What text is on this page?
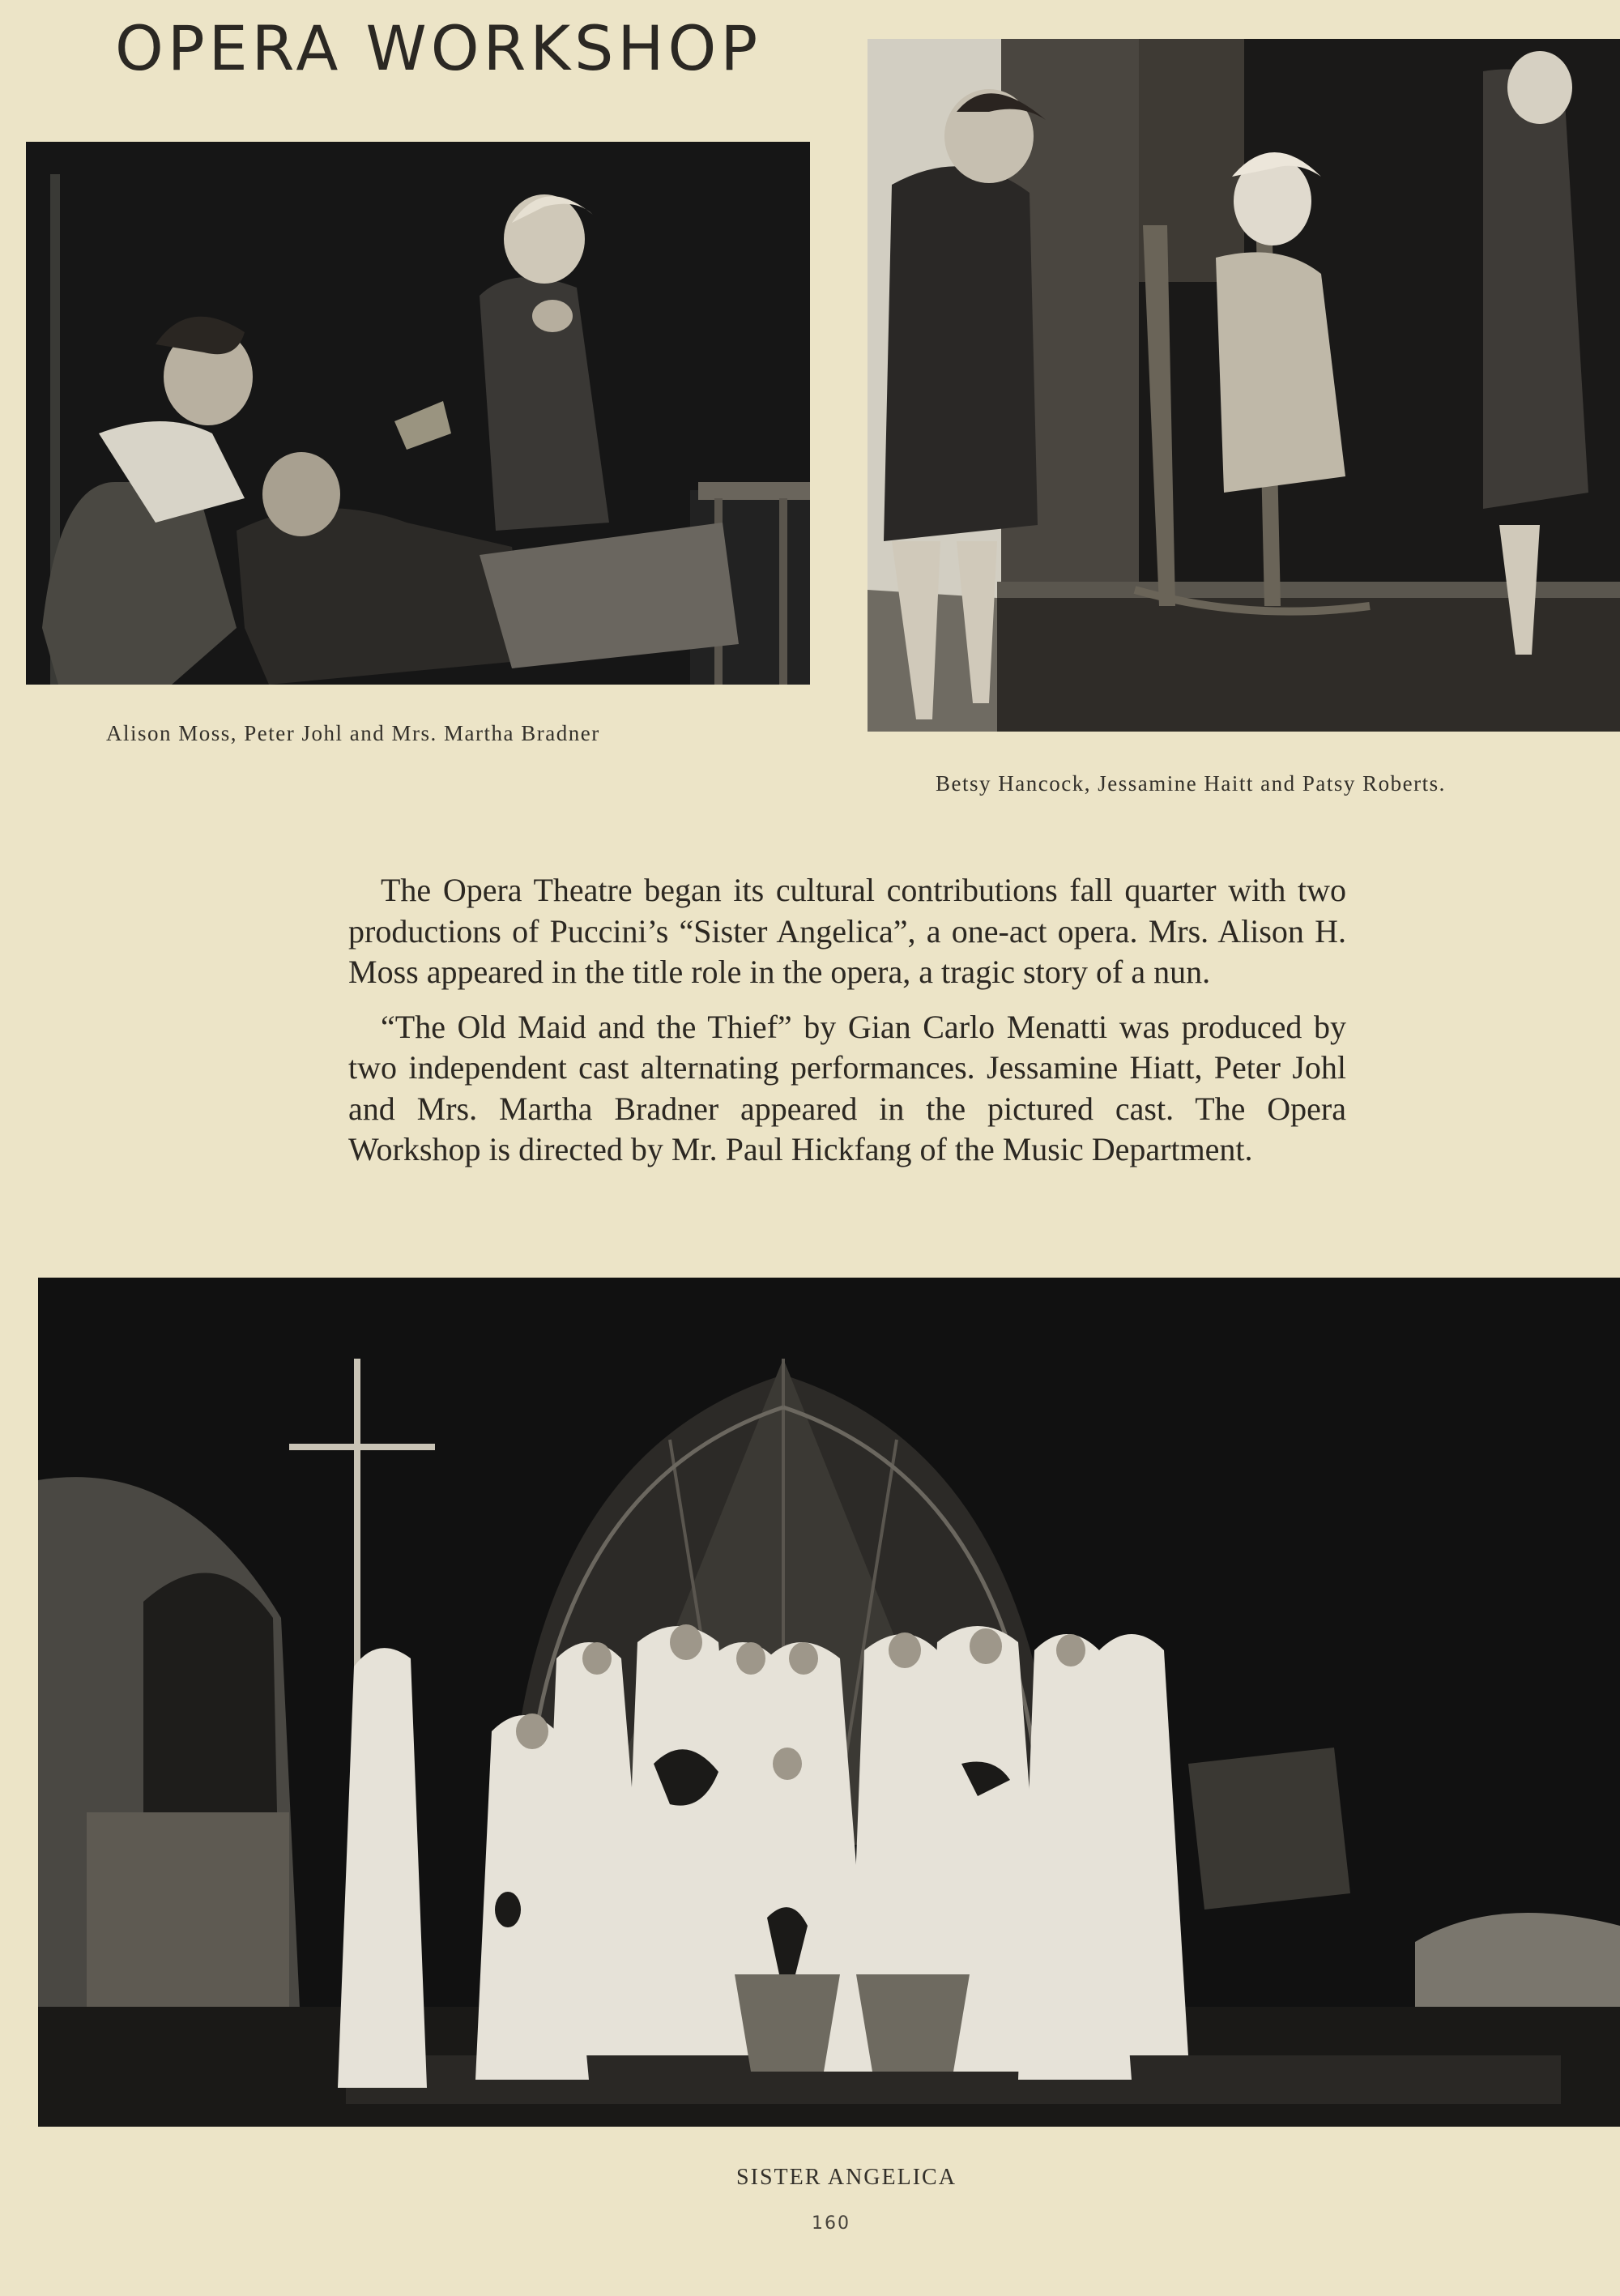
OPERA WORKSHOP
Alison Moss, Peter Johl and Mrs. Martha Bradner
Betsy Hancock, Jessamine Haitt and Patsy Roberts.

The Opera Theatre began its cultural contributions fall quarter with two productions of Puccini’s “Sister Angelica”, a one-act opera. Mrs. Alison H. Moss appeared in the title role in the opera, a tragic story of a nun.

“The Old Maid and the Thief” by Gian Carlo Menatti was produced by two independent cast alternating performances. Jessamine Hiatt, Peter Johl and Mrs. Martha Bradner appeared in the pictured cast. The Opera Workshop is directed by Mr. Paul Hickfang of the Music Department.

SISTER ANGELICA
160
